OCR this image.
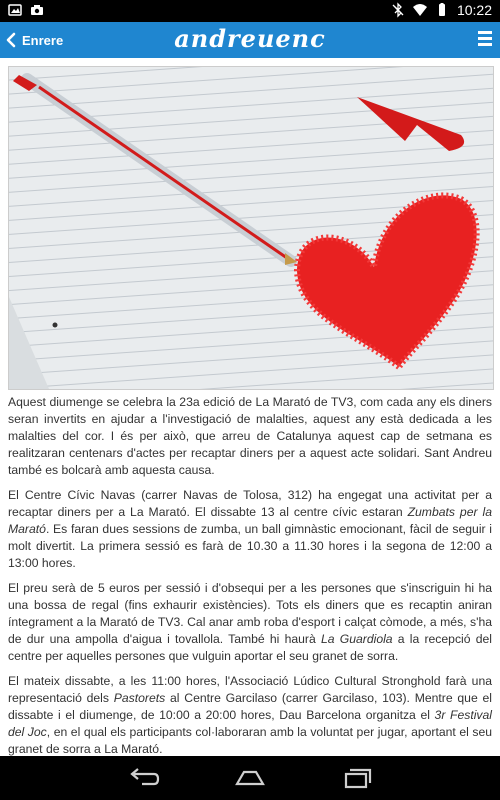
10:22
Enrere	andreuenc

Aquest diumenge se celebra la 23a edició de La Marató de TV3, com cada any els diners seran invertits en ajudar a l'investigació de malalties, aquest any està dedicada a les malalties del cor. I és per això, que arreu de Catalunya aquest cap de setmana es realitzaran centenars d'actes per recaptar diners per a aquest acte solidari. Sant Andreu també es bolcarà amb aquesta causa.

El Centre Cívic Navas (carrer Navas de Tolosa, 312) ha engegat una activitat per a recaptar diners per a La Marató. El dissabte 13 al centre cívic estaran Zumbats per la Marató. Es faran dues sessions de zumba, un ball gimnàstic emocionant, fàcil de seguir i molt divertit. La primera sessió es farà de 10.30 a 11.30 hores i la segona de 12:00 a 13:00 hores.

El preu serà de 5 euros per sessió i d'obsequi per a les persones que s'inscriguin hi ha una bossa de regal (fins exhaurir existències). Tots els diners que es recaptin aniran íntegrament a la Marató de TV3. Cal anar amb roba d'esport i calçat còmode, a més, s'ha de dur una ampolla d'aigua i tovallola. També hi haurà La Guardiola a la recepció del centre per aquelles persones que vulguin aportar el seu granet de sorra.

El mateix dissabte, a les 11:00 hores, l'Associació Lúdico Cultural Stronghold farà una representació dels Pastorets al Centre Garcilaso (carrer Garcilaso, 103). Mentre que el dissabte i el diumenge, de 10:00 a 20:00 hores, Dau Barcelona organitza el 3r Festival del Joc, en el qual els participants col·laboraran amb la voluntat per jugar, aportant el seu granet de sorra a La Marató.
